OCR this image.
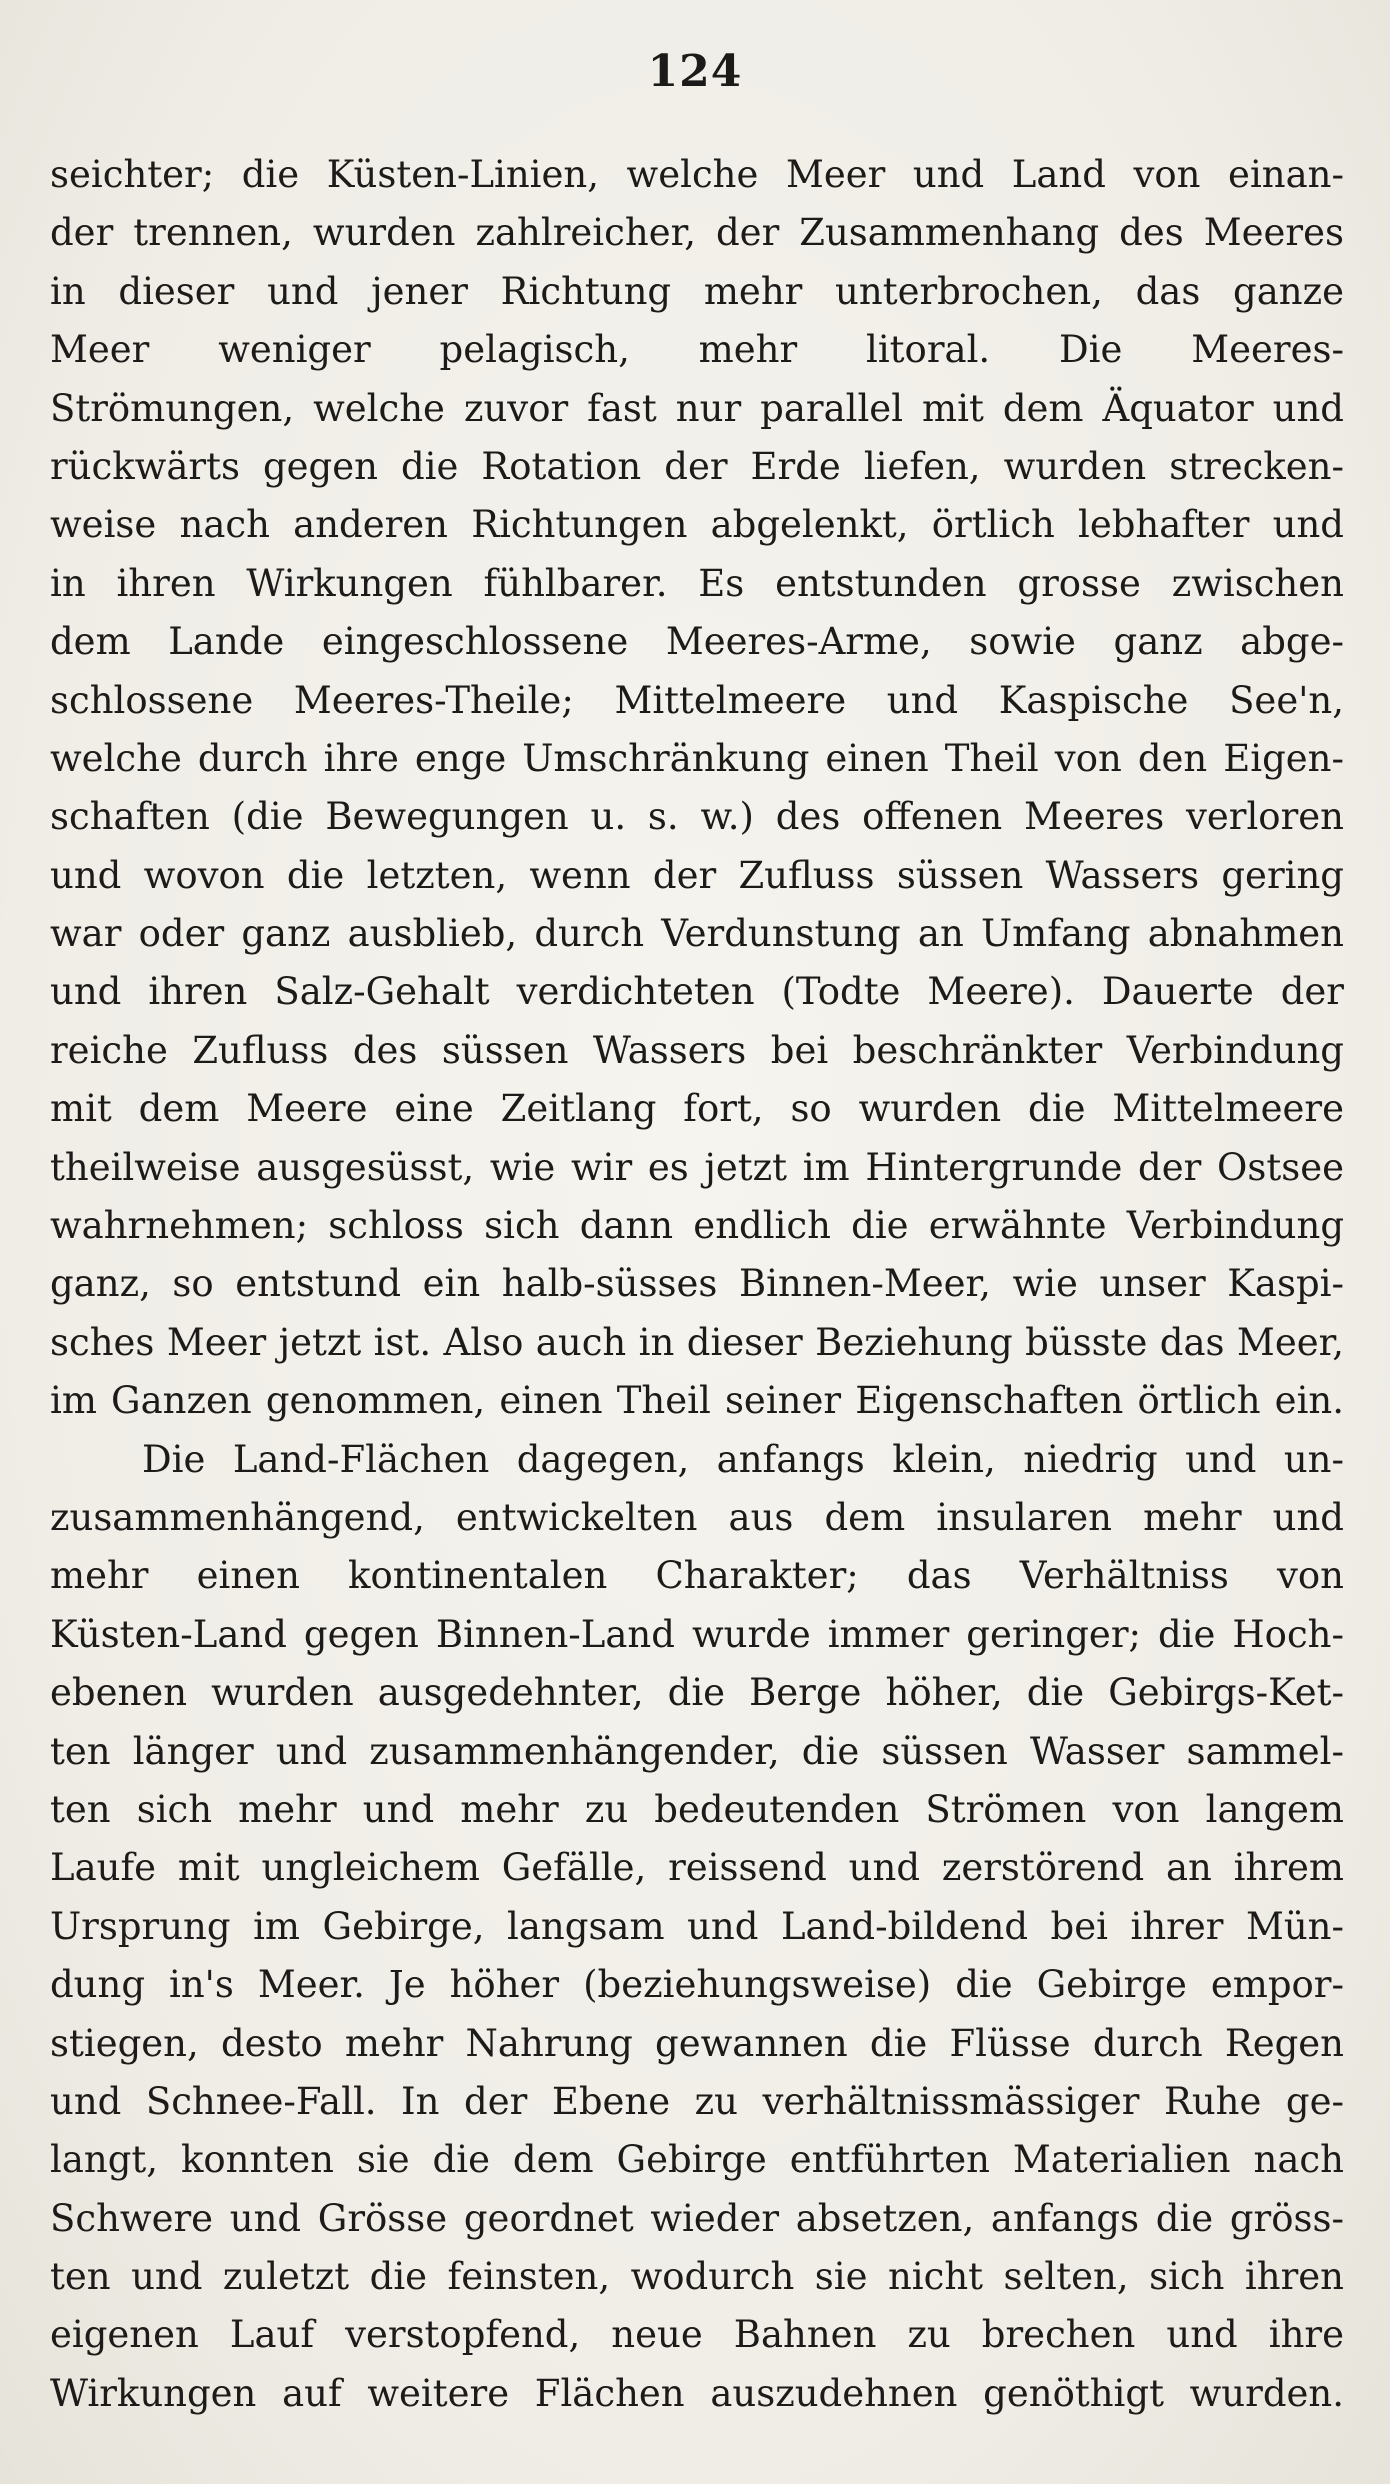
124
seichter; die Küsten-Linien, welche Meer und Land von einan-
der trennen, wurden zahlreicher, der Zusammenhang des Meeres
in dieser und jener Richtung mehr unterbrochen, das ganze
Meer weniger pelagisch, mehr litoral. Die Meeres-
Strömungen, welche zuvor fast nur parallel mit dem Äquator und
rückwärts gegen die Rotation der Erde liefen, wurden strecken-
weise nach anderen Richtungen abgelenkt, örtlich lebhafter und
in ihren Wirkungen fühlbarer. Es entstunden grosse zwischen
dem Lande eingeschlossene Meeres-Arme, sowie ganz abge-
schlossene Meeres-Theile; Mittelmeere und Kaspische See'n,
welche durch ihre enge Umschränkung einen Theil von den Eigen-
schaften (die Bewegungen u. s. w.) des offenen Meeres verloren
und wovon die letzten, wenn der Zufluss süssen Wassers gering
war oder ganz ausblieb, durch Verdunstung an Umfang abnahmen
und ihren Salz-Gehalt verdichteten (Todte Meere). Dauerte der
reiche Zufluss des süssen Wassers bei beschränkter Verbindung
mit dem Meere eine Zeitlang fort, so wurden die Mittelmeere
theilweise ausgesüsst, wie wir es jetzt im Hintergrunde der Ostsee
wahrnehmen; schloss sich dann endlich die erwähnte Verbindung
ganz, so entstund ein halb-süsses Binnen-Meer, wie unser Kaspi-
sches Meer jetzt ist. Also auch in dieser Beziehung büsste das Meer,
im Ganzen genommen, einen Theil seiner Eigenschaften örtlich ein.
Die Land-Flächen dagegen, anfangs klein, niedrig und un-
zusammenhängend, entwickelten aus dem insularen mehr und
mehr einen kontinentalen Charakter; das Verhältniss von
Küsten-Land gegen Binnen-Land wurde immer geringer; die Hoch-
ebenen wurden ausgedehnter, die Berge höher, die Gebirgs-Ket-
ten länger und zusammenhängender, die süssen Wasser sammel-
ten sich mehr und mehr zu bedeutenden Strömen von langem
Laufe mit ungleichem Gefälle, reissend und zerstörend an ihrem
Ursprung im Gebirge, langsam und Land-bildend bei ihrer Mün-
dung in's Meer. Je höher (beziehungsweise) die Gebirge empor-
stiegen, desto mehr Nahrung gewannen die Flüsse durch Regen
und Schnee-Fall. In der Ebene zu verhältnissmässiger Ruhe ge-
langt, konnten sie die dem Gebirge entführten Materialien nach
Schwere und Grösse geordnet wieder absetzen, anfangs die gröss-
ten und zuletzt die feinsten, wodurch sie nicht selten, sich ihren
eigenen Lauf verstopfend, neue Bahnen zu brechen und ihre
Wirkungen auf weitere Flächen auszudehnen genöthigt wurden.
